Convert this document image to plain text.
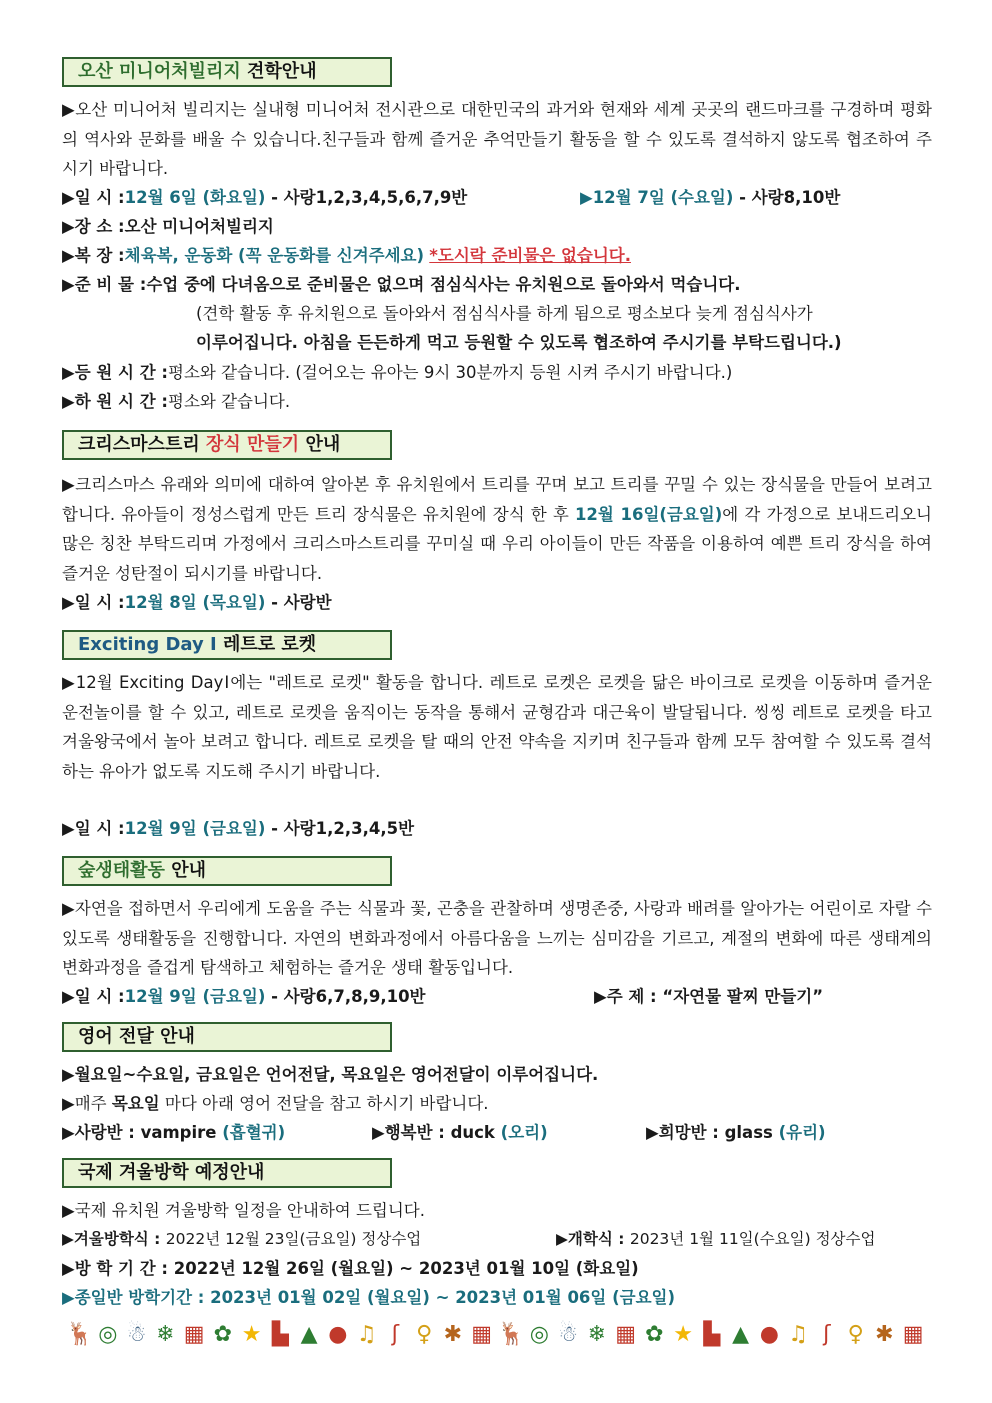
오산 미니어처빌리지 견학안내
▶오산 미니어처 빌리지는 실내형 미니어처 전시관으로 대한민국의 과거와 현재와 세계 곳곳의 랜드마크를 구경하며 평화의 역사와 문화를 배울 수 있습니다.친구들과 함께 즐거운 추억만들기 활동을 할 수 있도록 결석하지 않도록 협조하여 주시기 바랍니다.
▶일 시 :12월 6일 (화요일) - 사랑1,2,3,4,5,6,7,9반	▶12월 7일 (수요일) - 사랑8,10반
▶장 소 :오산 미니어처빌리지
▶복 장 :체육복, 운동화 (꼭 운동화를 신겨주세요) *도시락 준비물은 없습니다.
▶준 비 물 :수업 중에 다녀옴으로 준비물은 없으며 점심식사는 유치원으로 돌아와서 먹습니다.
(견학 활동 후 유치원으로 돌아와서 점심식사를 하게 됨으로 평소보다 늦게 점심식사가
이루어집니다. 아침을 든든하게 먹고 등원할 수 있도록 협조하여 주시기를 부탁드립니다.)
▶등 원 시 간 :평소와 같습니다. (걸어오는 유아는 9시 30분까지 등원 시켜 주시기 바랍니다.)
▶하 원 시 간 :평소와 같습니다.
크리스마스트리 장식 만들기 안내
▶크리스마스 유래와 의미에 대하여 알아본 후 유치원에서 트리를 꾸며 보고 트리를 꾸밀 수 있는 장식물을 만들어 보려고 합니다. 유아들이 정성스럽게 만든 트리 장식물은 유치원에 장식 한 후 12월 16일(금요일)에 각 가정으로 보내드리오니 많은 칭찬 부탁드리며 가정에서 크리스마스트리를 꾸미실 때 우리 아이들이 만든 작품을 이용하여 예쁜 트리 장식을 하여 즐거운 성탄절이 되시기를 바랍니다.
▶일 시 :12월 8일 (목요일) - 사랑반
Exciting Day Ⅰ 레트로 로켓
▶12월 Exciting DayⅠ에는 "레트로 로켓" 활동을 합니다. 레트로 로켓은 로켓을 닮은 바이크로 로켓을 이동하며 즐거운 운전놀이를 할 수 있고, 레트로 로켓을 움직이는 동작을 통해서 균형감과 대근육이 발달됩니다. 씽씽 레트로 로켓을 타고 겨울왕국에서 놀아 보려고 합니다. 레트로 로켓을 탈 때의 안전 약속을 지키며 친구들과 함께 모두 참여할 수 있도록 결석하는 유아가 없도록 지도해 주시기 바랍니다.
▶일 시 :12월 9일 (금요일) - 사랑1,2,3,4,5반
숲생태활동 안내
▶자연을 접하면서 우리에게 도움을 주는 식물과 꽃, 곤충을 관찰하며 생명존중, 사랑과 배려를 알아가는 어린이로 자랄 수 있도록 생태활동을 진행합니다. 자연의 변화과정에서 아름다움을 느끼는 심미감을 기르고, 계절의 변화에 따른 생태계의 변화과정을 즐겁게 탐색하고 체험하는 즐거운 생태 활동입니다.
▶일 시 :12월 9일 (금요일) - 사랑6,7,8,9,10반	▶주 제 : “자연물 팔찌 만들기”
영어 전달 안내
▶월요일~수요일, 금요일은 언어전달, 목요일은 영어전달이 이루어집니다.
▶매주 목요일 마다 아래 영어 전달을 참고 하시기 바랍니다.
▶사랑반 : vampire (흡혈귀)	▶행복반 : duck (오리)	▶희망반 : glass (유리)
국제 겨울방학 예정안내
▶국제 유치원 겨울방학 일정을 안내하여 드립니다.
▶겨울방학식 : 2022년 12월 23일(금요일) 정상수업	▶개학식 : 2023년 1월 11일(수요일) 정상수업
▶방 학 기 간 : 2022년 12월 26일 (월요일) ~ 2023년 01월 10일 (화요일)
▶종일반 방학기간 : 2023년 01월 02일 (월요일) ~ 2023년 01월 06일 (금요일)
🦌 ◎ ☃ ❄ ▦ ✿ ★ ▙ ▲ ● ♫ ʃ ♀ ✱ ▦ 🦌 ◎ ☃ ❄ ▦ ✿ ★ ▙ ▲ ● ♫ ʃ ♀ ✱ ▦
